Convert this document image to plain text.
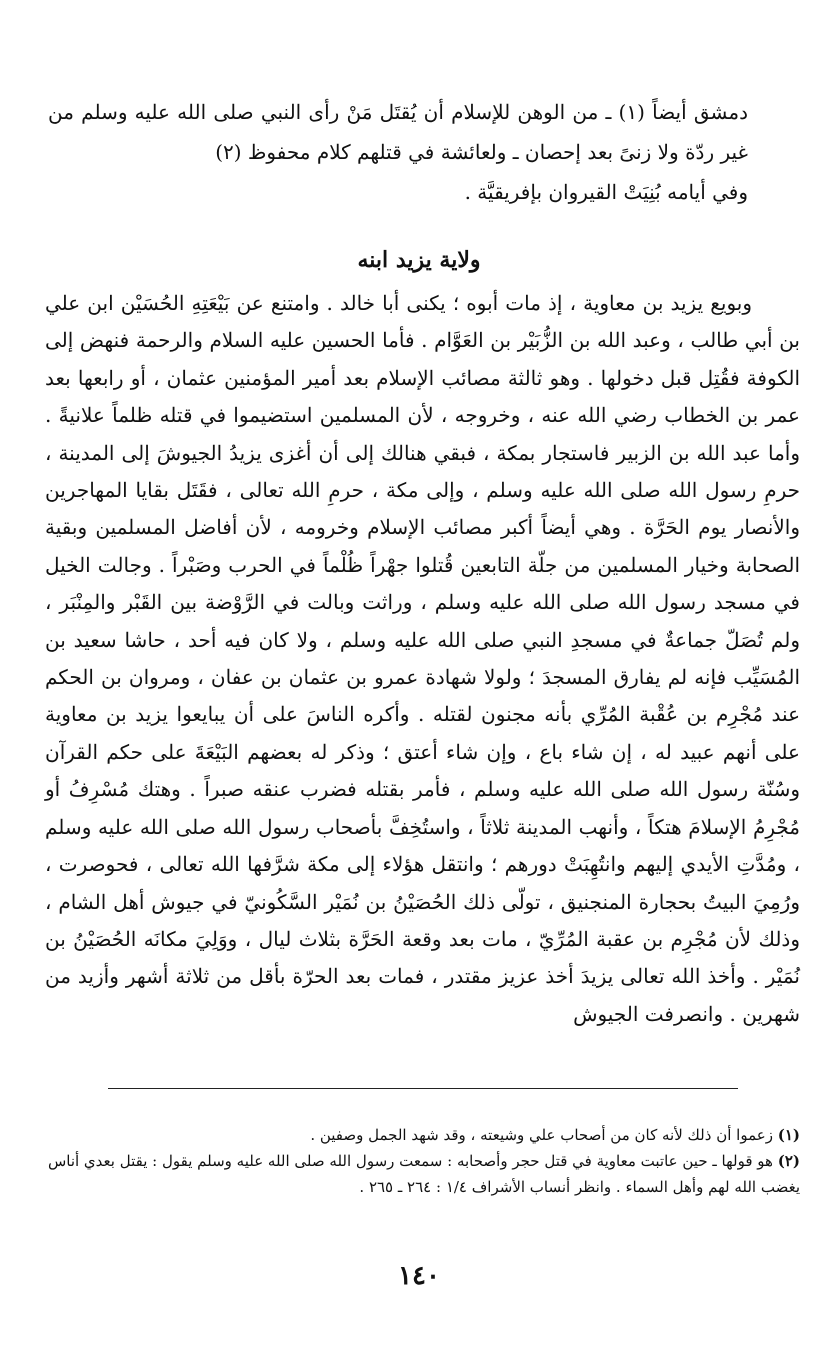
دمشق أيضاً (١) ـ من الوهن للإسلام أن يُقتَل مَنْ رأى النبي صلى الله عليه وسلم من غير ردّة ولا زنىً بعد إحصان ـ ولعائشة في قتلهم كلام محفوظ (٢)

وفي أيامه بُنِيَتْ القيروان بإفريقيَّة .

ولاية يزيد ابنه

وبويع يزيد بن معاوية ، إذ مات أبوه ؛ يكنى أبا خالد . وامتنع عن بَيْعَتِهِ الحُسَيْن ابن علي بن أبي طالب ، وعبد الله بن الزُّبَيْر بن العَوَّام . فأما الحسين عليه السلام والرحمة فنهض إلى الكوفة فقُتِل قبل دخولها . وهو ثالثة مصائب الإسلام بعد أمير المؤمنين عثمان ، أو رابعها بعد عمر بن الخطاب رضي الله عنه ، وخروجه ، لأن المسلمين استضيموا في قتله ظلماً علانيةً . وأما عبد الله بن الزبير فاستجار بمكة ، فبقي هنالك إلى أن أغزى يزيدُ الجيوشَ إلى المدينة ، حرمِ رسول الله صلى الله عليه وسلم ، وإلى مكة ، حرمِ الله تعالى ، فقَتَل بقايا المهاجرين والأنصار يوم الحَرَّة . وهي أيضاً أكبر مصائب الإسلام وخرومه ، لأن أفاضل المسلمين وبقية الصحابة وخيار المسلمين من جلّة التابعين قُتلوا جهْراً ظُلْماً في الحرب وصَبْراً . وجالت الخيل في مسجد رسول الله صلى الله عليه وسلم ، وراثت وبالت في الرَّوْضة بين القَبْر والمِنْبَر ، ولم تُصَلّ جماعةٌ في مسجدِ النبي صلى الله عليه وسلم ، ولا كان فيه أحد ، حاشا سعيد بن المُسَيِّب فإنه لم يفارق المسجدَ ؛ ولولا شهادة عمرو بن عثمان بن عفان ، ومروان بن الحكم عند مُجْرِم بن عُقْبة المُرِّي بأنه مجنون لقتله . وأكره الناسَ على أن يبايعوا يزيد بن معاوية على أنهم عبيد له ، إن شاء باع ، وإن شاء أعتق ؛ وذكر له بعضهم البَيْعَةَ على حكم القرآن وسُنّة رسول الله صلى الله عليه وسلم ، فأمر بقتله فضرب عنقه صبراً . وهتك مُسْرِفُ أو مُجْرِمُ الإسلامَ هتكاً ، وأنهب المدينة ثلاثاً ، واستُخِفَّ بأصحاب رسول الله صلى الله عليه وسلم ، ومُدَّتِ الأيدي إليهم وانتُهِبَتْ دورهم ؛ وانتقل هؤلاء إلى مكة شرَّفها الله تعالى ، فحوصرت ، ورُمِيَ البيتُ بحجارة المنجنيق ، تولّى ذلك الحُصَيْنُ بن نُمَيْر السَّكُونيّ في جيوش أهل الشام ، وذلك لأن مُجْرِم بن عقبة المُرِّيّ ، مات بعد وقعة الحَرَّة بثلاث ليال ، ووَلِيَ مكانَه الحُصَيْنُ بن نُمَيْر . وأخذ الله تعالى يزيدَ أخذ عزيز مقتدر ، فمات بعد الحرّة بأقل من ثلاثة أشهر وأزيد من شهرين . وانصرفت الجيوش

(١) زعموا أن ذلك لأنه كان من أصحاب علي وشيعته ، وقد شهد الجمل وصفين .

(٢) هو قولها ـ حين عاتبت معاوية في قتل حجر وأصحابه : سمعت رسول الله صلى الله عليه وسلم يقول : يقتل بعدي أناس يغضب الله لهم وأهل السماء . وانظر أنساب الأشراف ١/٤ : ٢٦٤ ـ ٢٦٥ .

١٤٠
